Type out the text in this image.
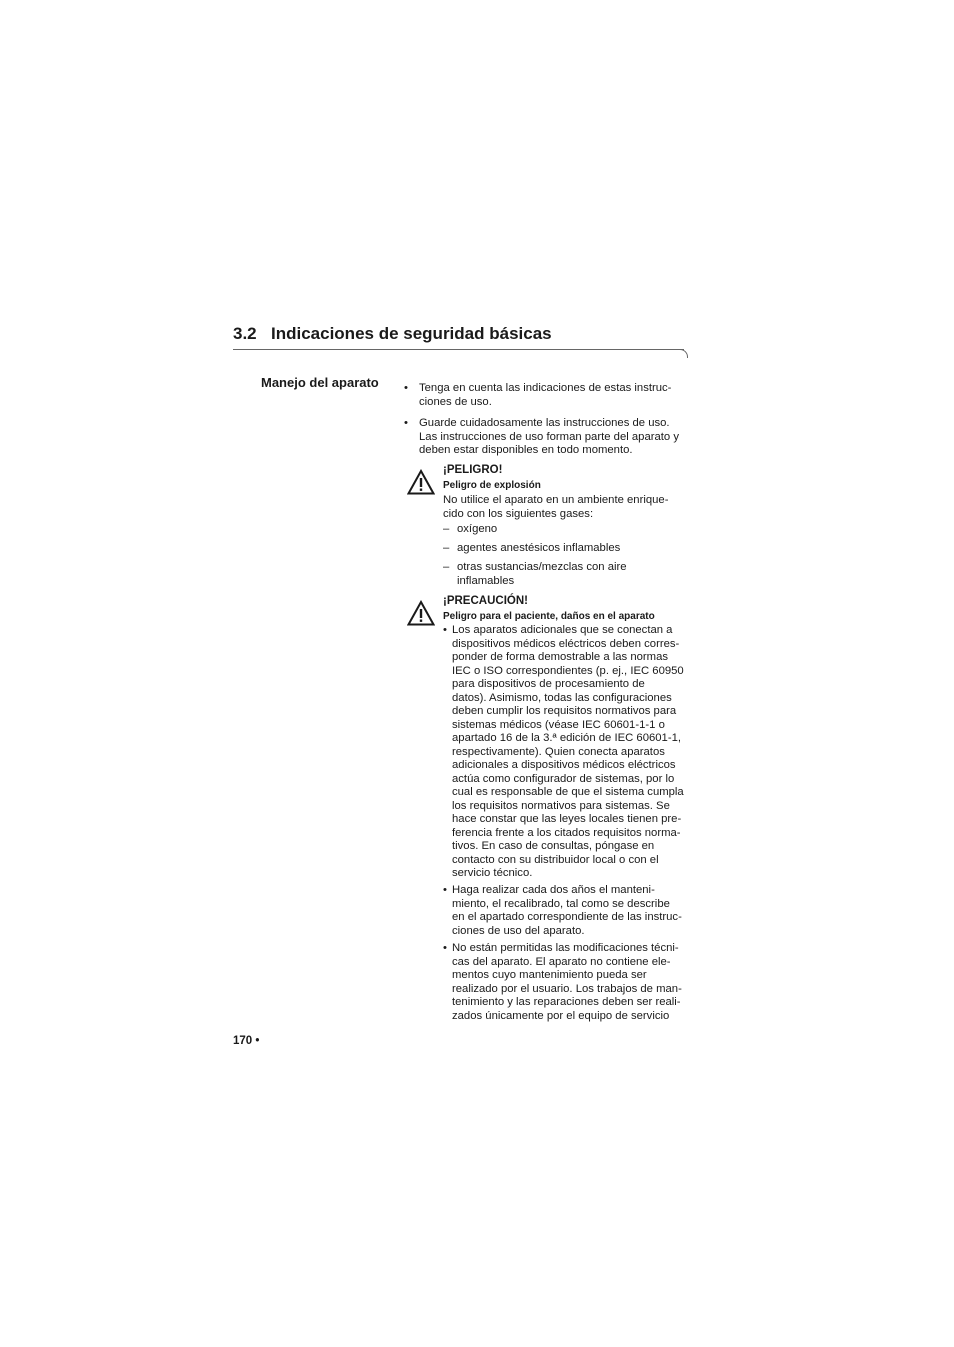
3.2 Indicaciones de seguridad básicas
Manejo del aparato • Tenga en cuenta las indicaciones de estas instruc-
ciones de uso.
• Guarde cuidadosamente las instrucciones de uso.
Las instrucciones de uso forman parte del aparato y
deben estar disponibles en todo momento.
¡PELIGRO!
Peligro de explosión
No utilice el aparato en un ambiente enrique-
cido con los siguientes gases:
– oxígeno
– agentes anestésicos inflamables
– otras sustancias/mezclas con aire
inflamables
¡PRECAUCIÓN!
Peligro para el paciente, daños en el aparato
• Los aparatos adicionales que se conectan a
dispositivos médicos eléctricos deben corres-
ponder de forma demostrable a las normas
IEC o ISO correspondientes (p. ej., IEC 60950
para dispositivos de procesamiento de
datos). Asimismo, todas las configuraciones
deben cumplir los requisitos normativos para
sistemas médicos (véase IEC 60601-1-1 o
apartado 16 de la 3.ª edición de IEC 60601-1,
respectivamente). Quien conecta aparatos
adicionales a dispositivos médicos eléctricos
actúa como configurador de sistemas, por lo
cual es responsable de que el sistema cumpla
los requisitos normativos para sistemas. Se
hace constar que las leyes locales tienen pre-
ferencia frente a los citados requisitos norma-
tivos. En caso de consultas, póngase en
contacto con su distribuidor local o con el
servicio técnico.
• Haga realizar cada dos años el manteni-
miento, el recalibrado, tal como se describe
en el apartado correspondiente de las instruc-
ciones de uso del aparato.
• No están permitidas las modificaciones técni-
cas del aparato. El aparato no contiene ele-
mentos cuyo mantenimiento pueda ser
realizado por el usuario. Los trabajos de man-
tenimiento y las reparaciones deben ser reali-
zados únicamente por el equipo de servicio
170 •
